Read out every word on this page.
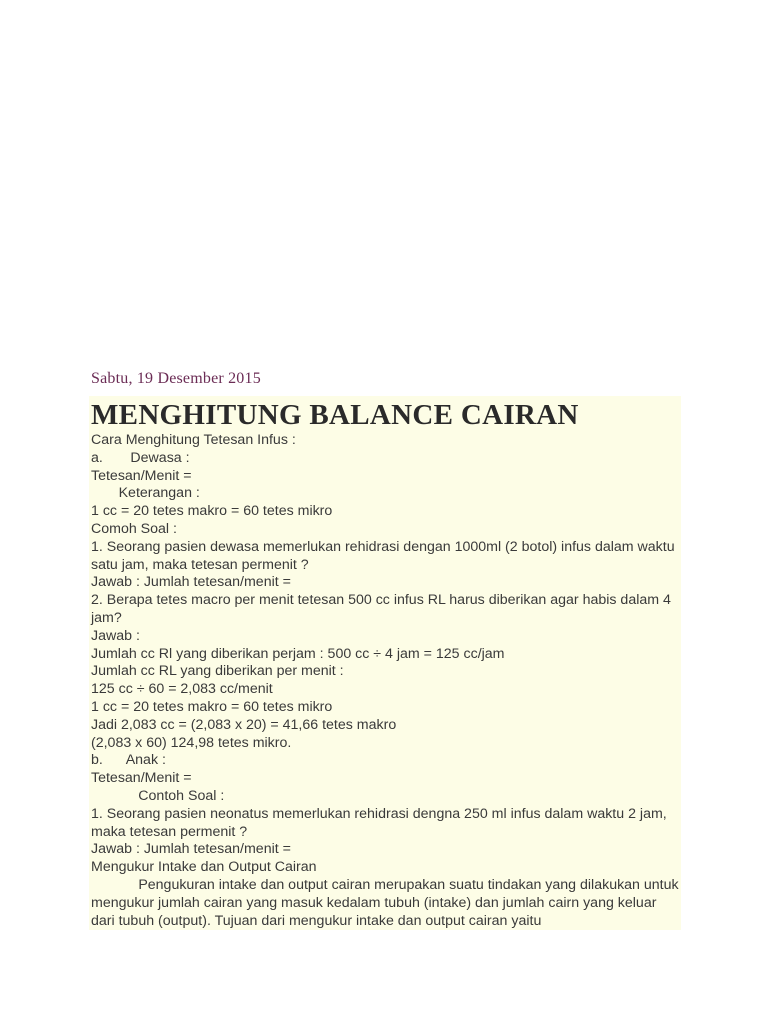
Sabtu, 19 Desember 2015
MENGHITUNG BALANCE CAIRAN
Cara Menghitung Tetesan Infus :
a.       Dewasa :
Tetesan/Menit =
Keterangan :
1 cc = 20 tetes makro = 60 tetes mikro
Comoh Soal :
1. Seorang pasien dewasa memerlukan rehidrasi dengan 1000ml (2 botol) infus dalam waktu satu jam, maka tetesan permenit ?
Jawab : Jumlah tetesan/menit =
2. Berapa tetes macro per menit tetesan 500 cc infus RL harus diberikan agar habis dalam 4 jam?
Jawab :
Jumlah cc Rl yang diberikan perjam : 500 cc ÷ 4 jam = 125 cc/jam
Jumlah cc RL yang diberikan per menit :
125 cc ÷ 60 = 2,083 cc/menit
1 cc = 20 tetes makro = 60 tetes mikro
Jadi 2,083 cc = (2,083 x 20) = 41,66 tetes makro
(2,083 x 60) 124,98 tetes mikro.
b.      Anak :
Tetesan/Menit =
Contoh Soal :
1. Seorang pasien neonatus memerlukan rehidrasi dengna 250 ml infus dalam waktu 2 jam, maka tetesan permenit ?
Jawab : Jumlah tetesan/menit =
Mengukur Intake dan Output Cairan
Pengukuran intake dan output cairan merupakan suatu tindakan yang dilakukan untuk mengukur jumlah cairan yang masuk kedalam tubuh (intake) dan jumlah cairn yang keluar dari tubuh (output). Tujuan dari mengukur intake dan output cairan yaitu
